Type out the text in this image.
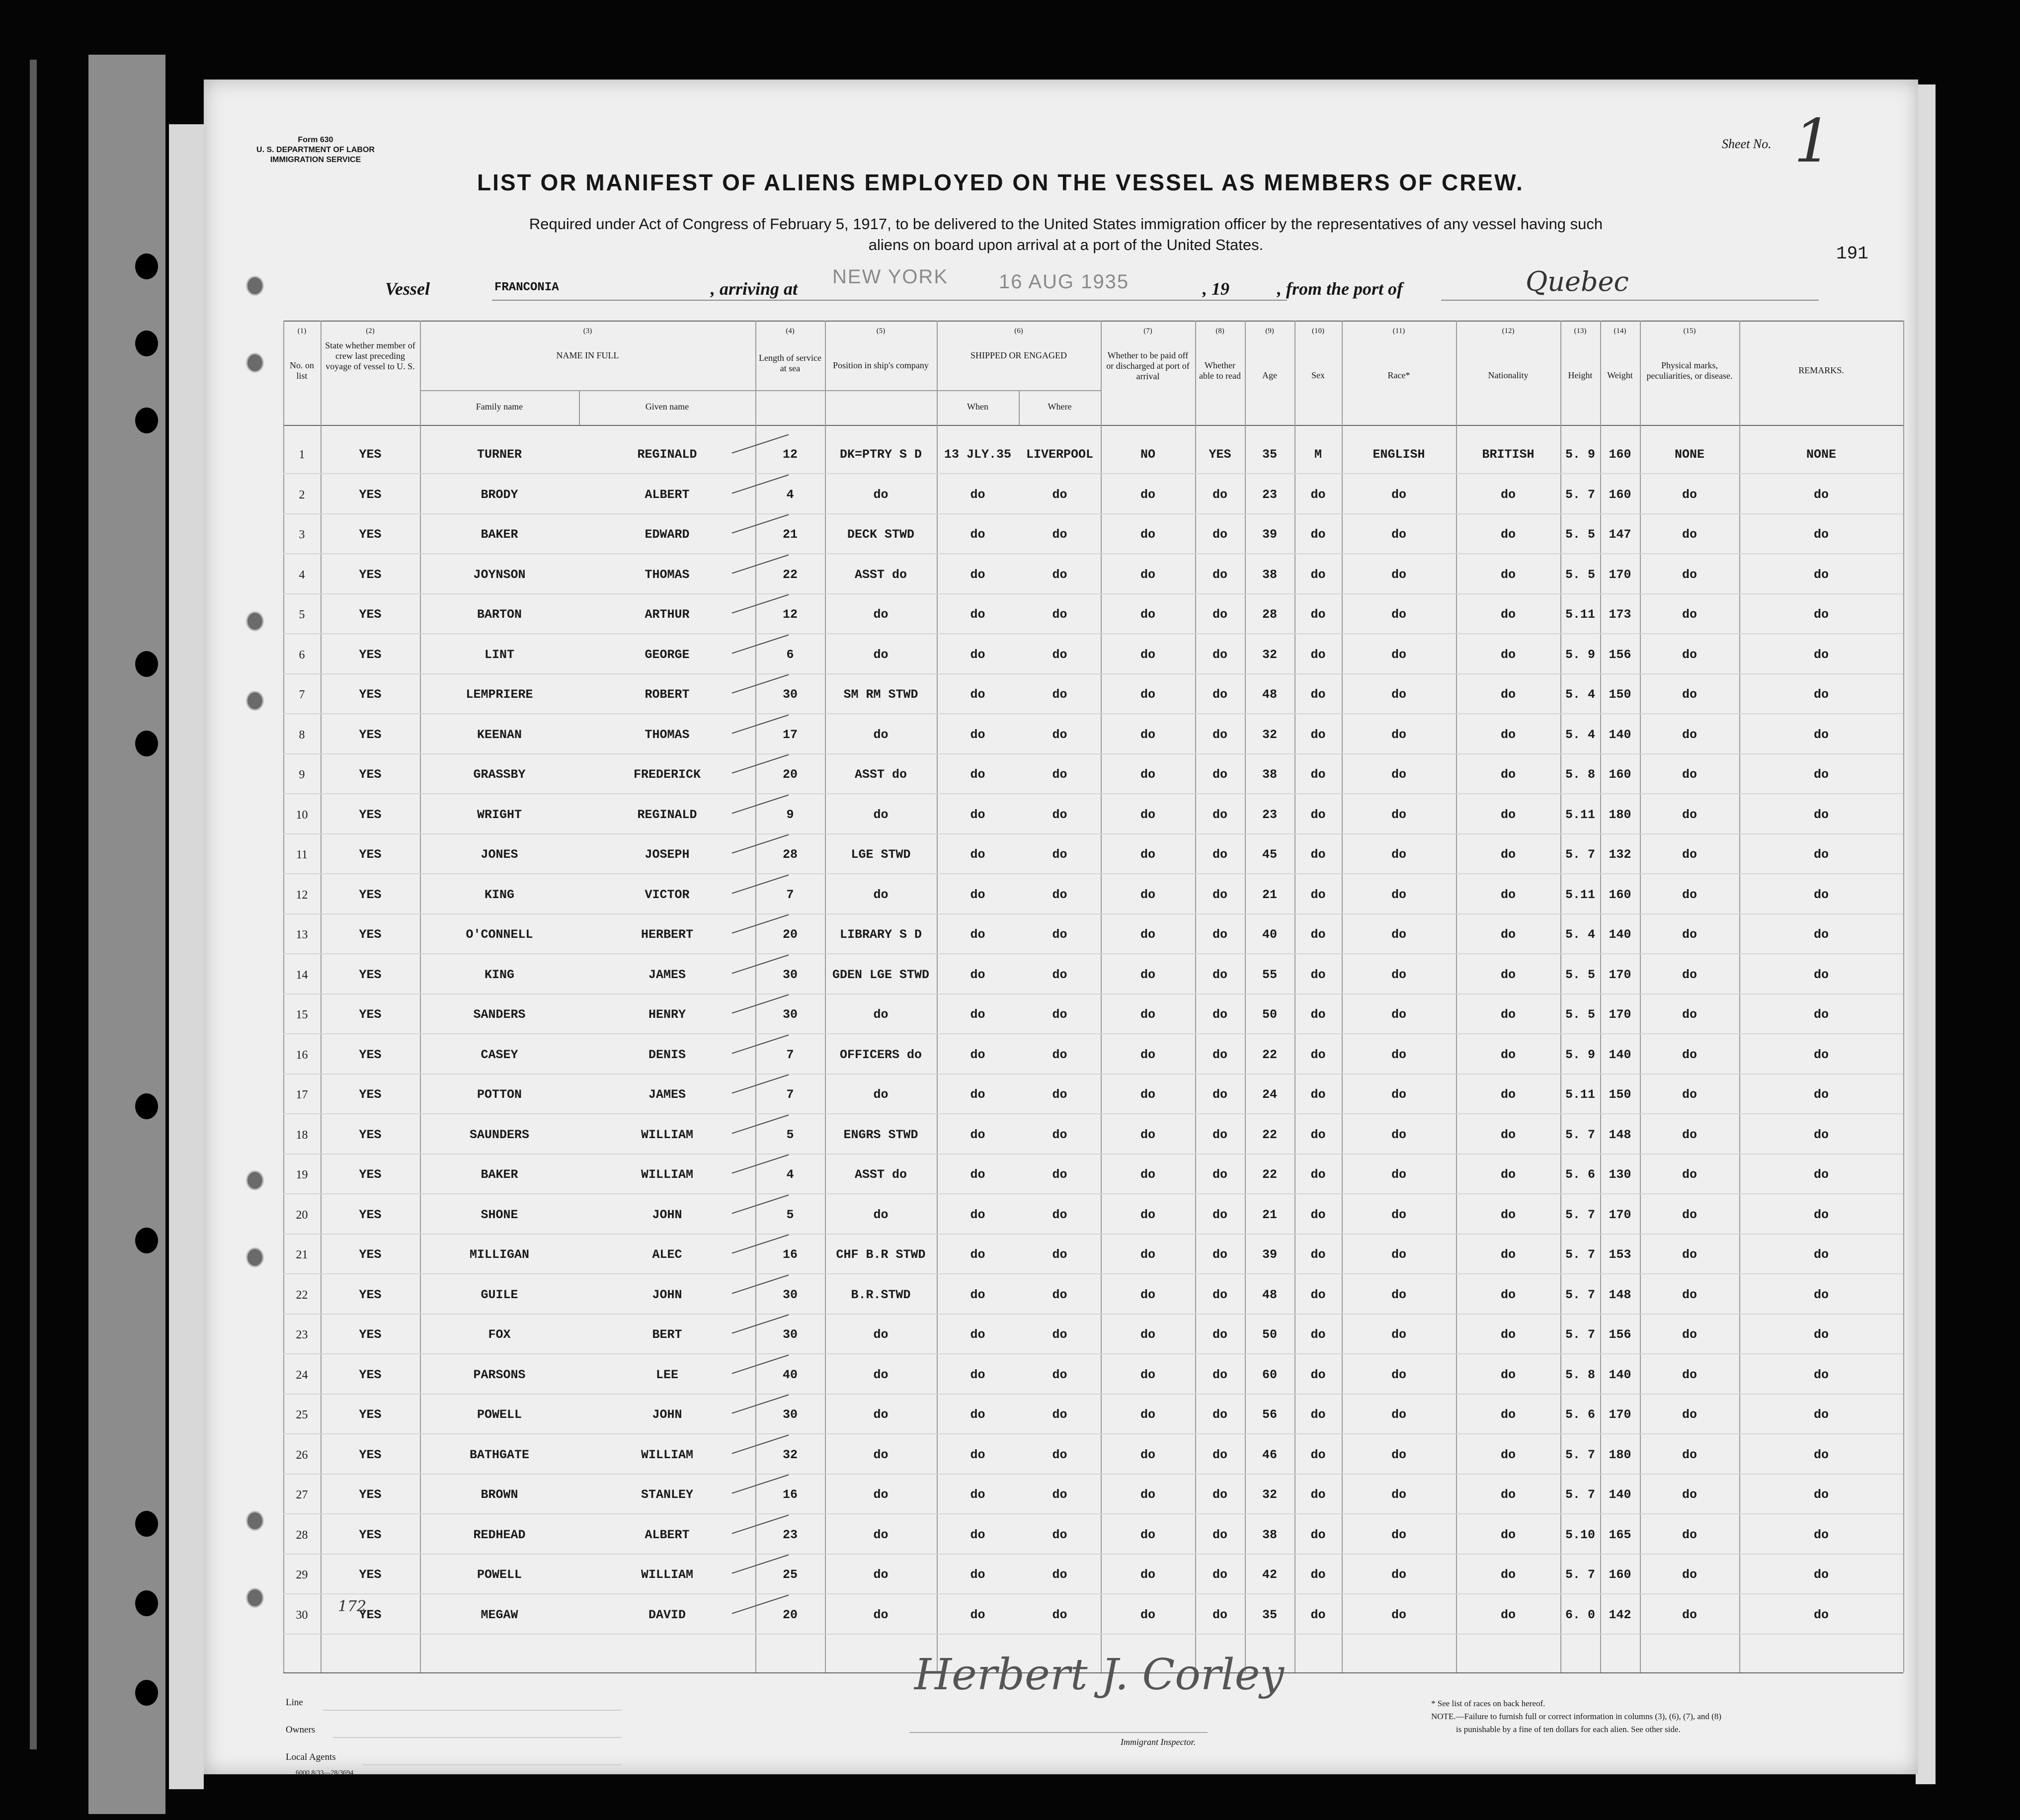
Form 630
U. S. DEPARTMENT OF LABOR
IMMIGRATION SERVICE
Sheet No. 1
191
LIST OR MANIFEST OF ALIENS EMPLOYED ON THE VESSEL AS MEMBERS OF CREW.
Required under Act of Congress of February 5, 1917, to be delivered to the United States immigration officer by the representatives of any vessel having such
aliens on board upon arrival at a port of the United States.
Vessel	FRANCONIA	, arriving at
NEW YORK	16 AUG 1935	, 19	, from the port of	Quebec
(1)	(2)	(3)	(4)	(5)	(6)	(7)	(8)	(9)	(10)	(11)	(12)	(13)	(14)	(15)
No. on list
State whether member of crew last preceding voyage of vessel to U. S.
NAME IN FULL
Family name	Given name
Length of service at sea	Position in ship's company
SHIPPED OR ENGAGED
When	Where
Whether to be paid off or discharged at port of arrival
Whether able to read	Age	Sex	Race*	Nationality	Height	Weight
Physical marks, peculiarities, or disease.
REMARKS.
1	YES	TURNER	REGINALD	12	DK=PTRY S D	13 JLY.35	LIVERPOOL	NO	YES	35	M	ENGLISH	BRITISH	5. 9	160	NONE	NONE
2	YES	BRODY	ALBERT	4	do	do	do	do	do	23	do	do	do	5. 7	160	do	do
3	YES	BAKER	EDWARD	21	DECK STWD	do	do	do	do	39	do	do	do	5. 5	147	do	do
4	YES	JOYNSON	THOMAS	22	ASST do	do	do	do	do	38	do	do	do	5. 5	170	do	do
5	YES	BARTON	ARTHUR	12	do	do	do	do	do	28	do	do	do	5.11	173	do	do
6	YES	LINT	GEORGE	6	do	do	do	do	do	32	do	do	do	5. 9	156	do	do
7	YES	LEMPRIERE	ROBERT	30	SM RM STWD	do	do	do	do	48	do	do	do	5. 4	150	do	do
8	YES	KEENAN	THOMAS	17	do	do	do	do	do	32	do	do	do	5. 4	140	do	do
9	YES	GRASSBY	FREDERICK	20	ASST do	do	do	do	do	38	do	do	do	5. 8	160	do	do
10	YES	WRIGHT	REGINALD	9	do	do	do	do	do	23	do	do	do	5.11	180	do	do
11	YES	JONES	JOSEPH	28	LGE STWD	do	do	do	do	45	do	do	do	5. 7	132	do	do
12	YES	KING	VICTOR	7	do	do	do	do	do	21	do	do	do	5.11	160	do	do
13	YES	O'CONNELL	HERBERT	20	LIBRARY S D	do	do	do	do	40	do	do	do	5. 4	140	do	do
14	YES	KING	JAMES	30	GDEN LGE STWD	do	do	do	do	55	do	do	do	5. 5	170	do	do
15	YES	SANDERS	HENRY	30	do	do	do	do	do	50	do	do	do	5. 5	170	do	do
16	YES	CASEY	DENIS	7	OFFICERS do	do	do	do	do	22	do	do	do	5. 9	140	do	do
17	YES	POTTON	JAMES	7	do	do	do	do	do	24	do	do	do	5.11	150	do	do
18	YES	SAUNDERS	WILLIAM	5	ENGRS STWD	do	do	do	do	22	do	do	do	5. 7	148	do	do
19	YES	BAKER	WILLIAM	4	ASST do	do	do	do	do	22	do	do	do	5. 6	130	do	do
20	YES	SHONE	JOHN	5	do	do	do	do	do	21	do	do	do	5. 7	170	do	do
21	YES	MILLIGAN	ALEC	16	CHF B.R STWD	do	do	do	do	39	do	do	do	5. 7	153	do	do
22	YES	GUILE	JOHN	30	B.R.STWD	do	do	do	do	48	do	do	do	5. 7	148	do	do
23	YES	FOX	BERT	30	do	do	do	do	do	50	do	do	do	5. 7	156	do	do
24	YES	PARSONS	LEE	40	do	do	do	do	do	60	do	do	do	5. 8	140	do	do
25	YES	POWELL	JOHN	30	do	do	do	do	do	56	do	do	do	5. 6	170	do	do
26	YES	BATHGATE	WILLIAM	32	do	do	do	do	do	46	do	do	do	5. 7	180	do	do
27	YES	BROWN	STANLEY	16	do	do	do	do	do	32	do	do	do	5. 7	140	do	do
28	YES	REDHEAD	ALBERT	23	do	do	do	do	do	38	do	do	do	5.10	165	do	do
29	YES	POWELL	WILLIAM	25	do	do	do	do	do	42	do	do	do	5. 7	160	do	do
30	YES	MEGAW	DAVID	20	do	do	do	do	do	35	do	do	do	6. 0	142	do	do
172
Line
Owners
Local Agents
6000 8/33—28/3694
Herbert J. Corley
Immigrant Inspector.
* See list of races on back hereof.
NOTE.—Failure to furnish full or correct information in columns (3), (6), (7), and (8)
is punishable by a fine of ten dollars for each alien. See other side.
